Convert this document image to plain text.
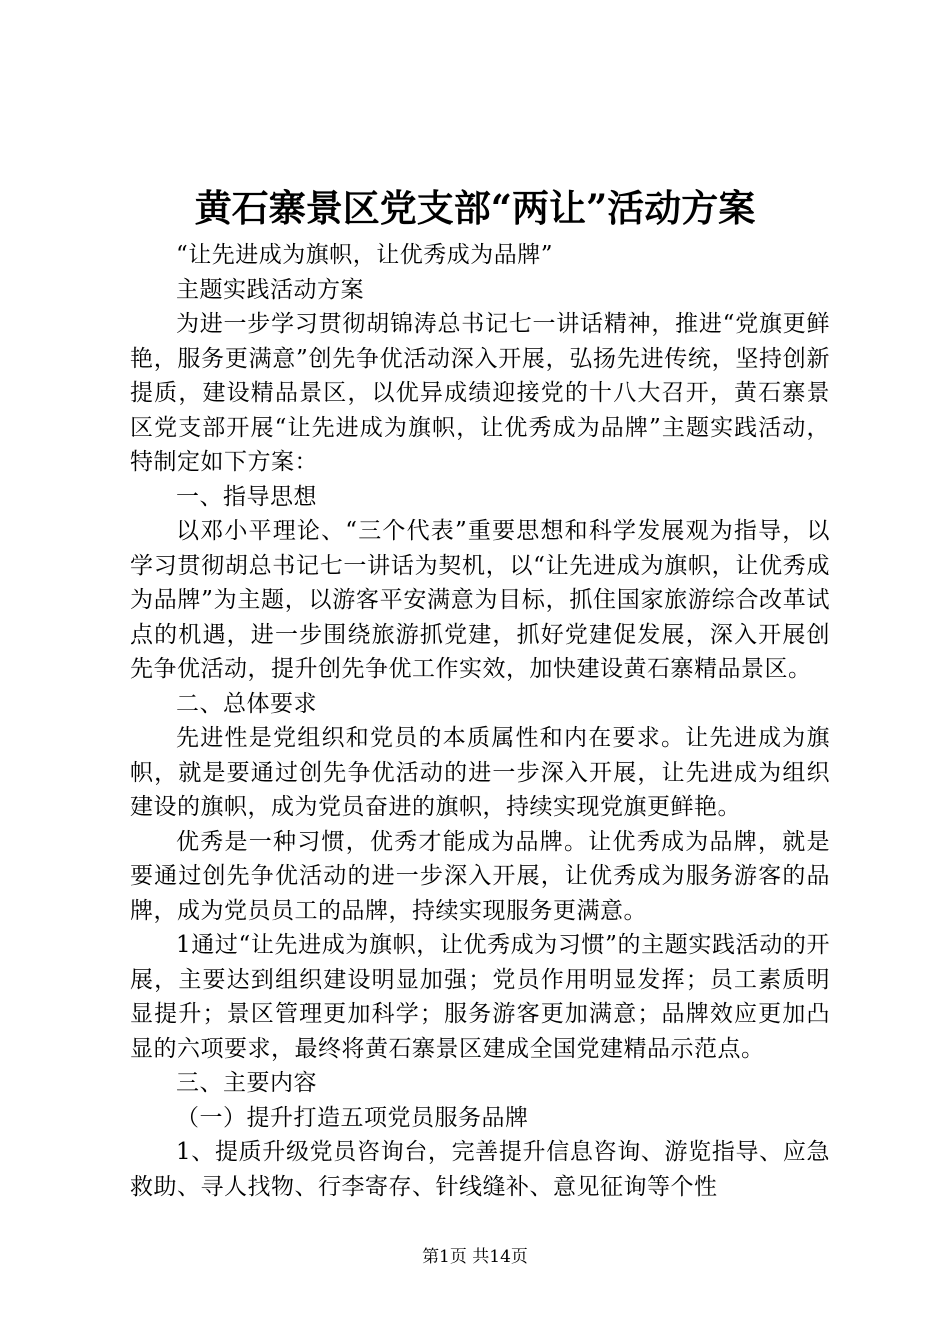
黄石寨景区党支部“两让”活动方案

“让先进成为旗帜，让优秀成为品牌”

主题实践活动方案

为进一步学习贯彻胡锦涛总书记七一讲话精神，推进“党旗更鲜艳，服务更满意”创先争优活动深入开展，弘扬先进传统，坚持创新提质，建设精品景区，以优异成绩迎接党的十八大召开，黄石寨景区党支部开展“让先进成为旗帜，让优秀成为品牌”主题实践活动，特制定如下方案：

一、指导思想

以邓小平理论、“三个代表”重要思想和科学发展观为指导，以学习贯彻胡总书记七一讲话为契机，以“让先进成为旗帜，让优秀成为品牌”为主题，以游客平安满意为目标，抓住国家旅游综合改革试点的机遇，进一步围绕旅游抓党建，抓好党建促发展，深入开展创先争优活动，提升创先争优工作实效，加快建设黄石寨精品景区。

二、总体要求

先进性是党组织和党员的本质属性和内在要求。让先进成为旗帜，就是要通过创先争优活动的进一步深入开展，让先进成为组织建设的旗帜，成为党员奋进的旗帜，持续实现党旗更鲜艳。

优秀是一种习惯，优秀才能成为品牌。让优秀成为品牌，就是要通过创先争优活动的进一步深入开展，让优秀成为服务游客的品牌，成为党员员工的品牌，持续实现服务更满意。

1通过“让先进成为旗帜，让优秀成为习惯”的主题实践活动的开展，主要达到组织建设明显加强；党员作用明显发挥；员工素质明显提升；景区管理更加科学；服务游客更加满意；品牌效应更加凸显的六项要求，最终将黄石寨景区建成全国党建精品示范点。

三、主要内容

（一）提升打造五项党员服务品牌

1、提质升级党员咨询台，完善提升信息咨询、游览指导、应急救助、寻人找物、行李寄存、针线缝补、意见征询等个性

第1页 共14页
